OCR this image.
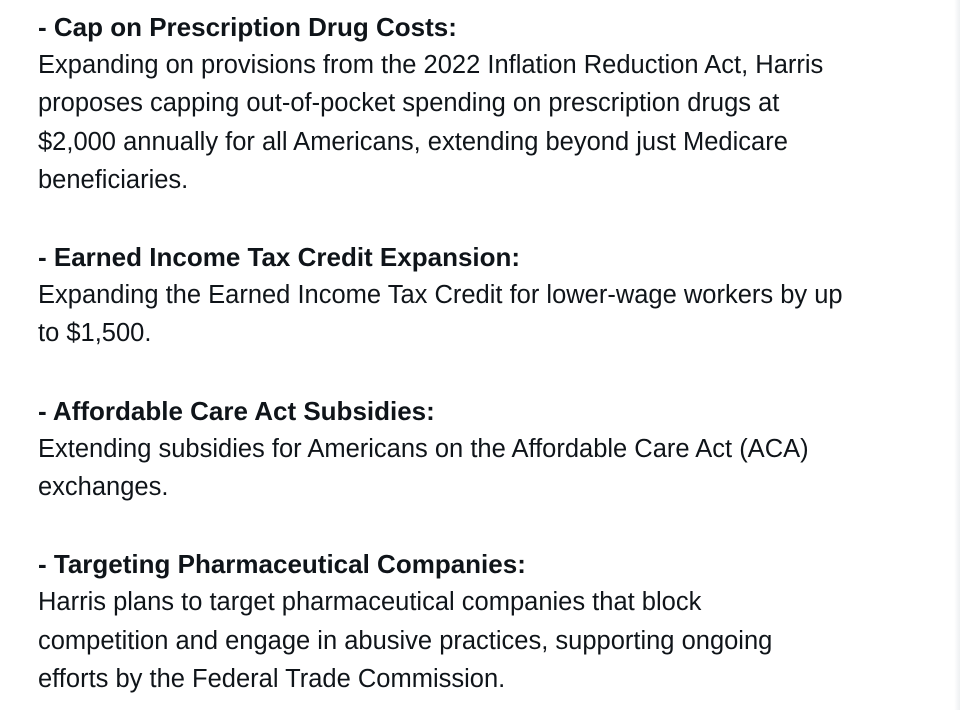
- Cap on Prescription Drug Costs:
Expanding on provisions from the 2022 Inflation Reduction Act, Harris
proposes capping out-of-pocket spending on prescription drugs at
$2,000 annually for all Americans, extending beyond just Medicare
beneficiaries.
- Earned Income Tax Credit Expansion:
Expanding the Earned Income Tax Credit for lower-wage workers by up
to $1,500.
- Affordable Care Act Subsidies:
Extending subsidies for Americans on the Affordable Care Act (ACA)
exchanges.
- Targeting Pharmaceutical Companies:
Harris plans to target pharmaceutical companies that block
competition and engage in abusive practices, supporting ongoing
efforts by the Federal Trade Commission.
